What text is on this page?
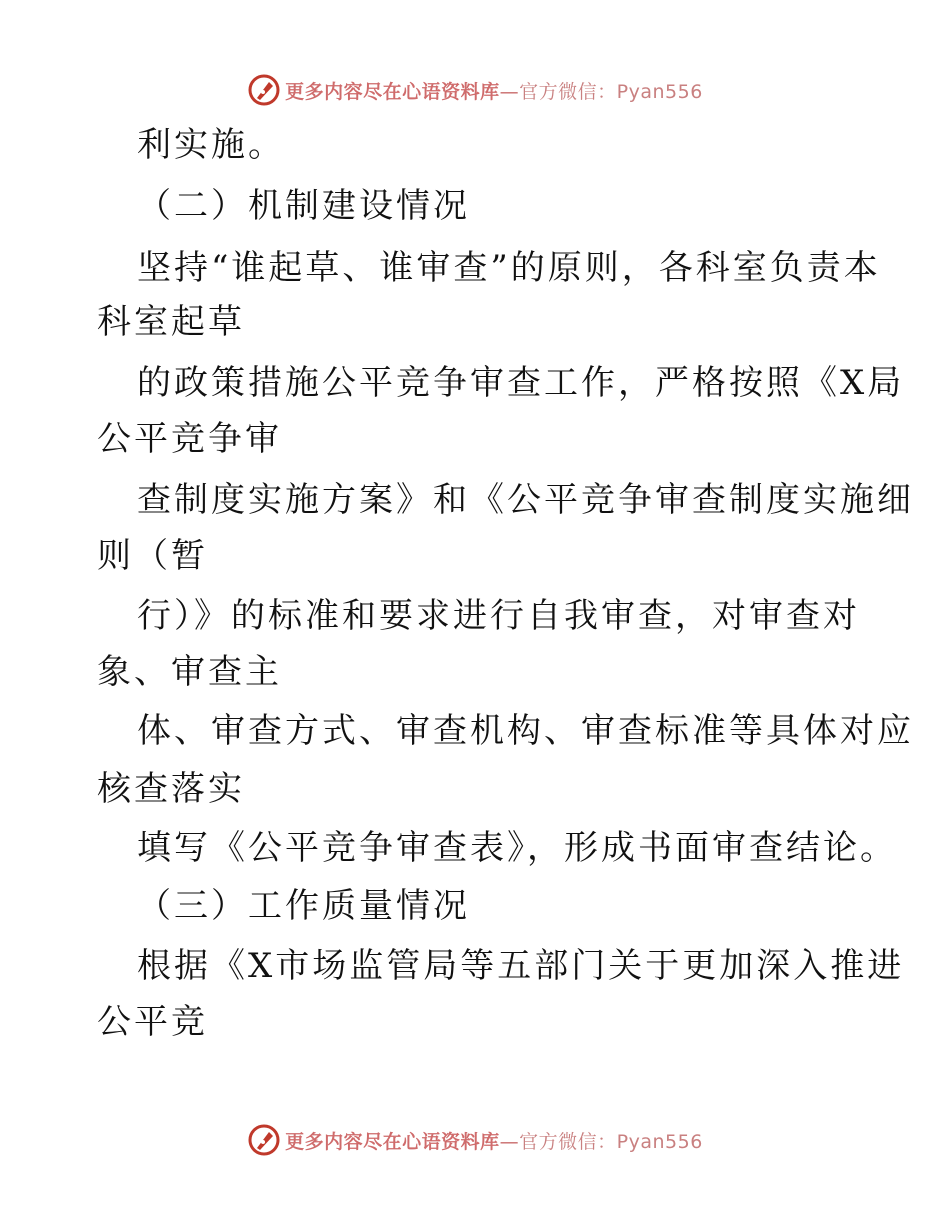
更多内容尽在心语资料库—官方微信：Pyan556
利实施。
（二）机制建设情况
坚持“谁起草、谁审查”的原则，各科室负责本
科室起草
的政策措施公平竞争审查工作，严格按照《X局
公平竞争审
查制度实施方案》和《公平竞争审查制度实施细
则（暂
行）》的标准和要求进行自我审查，对审查对
象、审查主
体、审查方式、审查机构、审查标准等具体对应
核查落实
填写《公平竞争审查表》，形成书面审查结论。
（三）工作质量情况
根据《X市场监管局等五部门关于更加深入推进
公平竞
更多内容尽在心语资料库—官方微信：Pyan556
